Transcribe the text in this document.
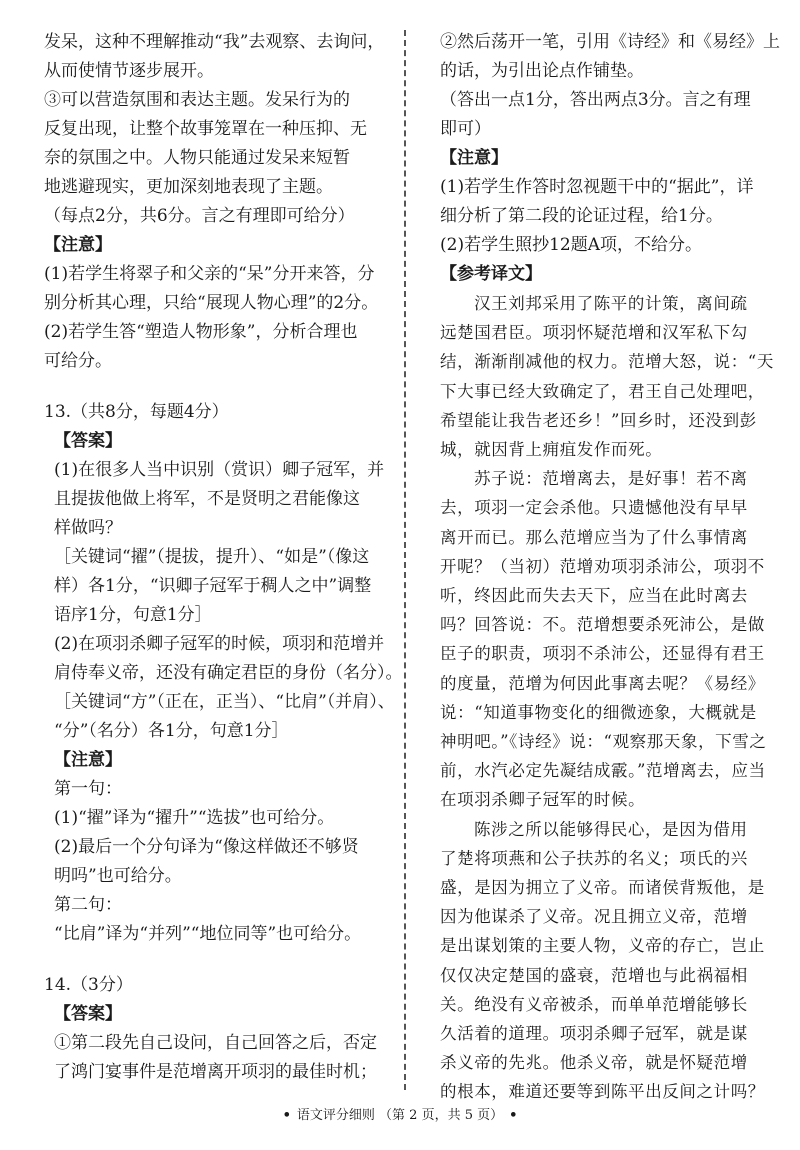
发呆，这种不理解推动“我”去观察、去询问，
从而使情节逐步展开。
③可以营造氛围和表达主题。发呆行为的
反复出现，让整个故事笼罩在一种压抑、无
奈的氛围之中。人物只能通过发呆来短暂
地逃避现实，更加深刻地表现了主题。
（每点2分，共6分。言之有理即可给分）
【注意】
(1)若学生将翠子和父亲的“呆”分开来答，分
别分析其心理，只给“展现人物心理”的2分。
(2)若学生答“塑造人物形象”，分析合理也
可给分。
13.（共8分，每题4分）
【答案】
(1)在很多人当中识别（赏识）卿子冠军，并
且提拔他做上将军，不是贤明之君能像这
样做吗？
［关键词“擢”（提拔，提升）、“如是”（像这
样）各1分，“识卿子冠军于稠人之中”调整
语序1分，句意1分］
(2)在项羽杀卿子冠军的时候，项羽和范增并
肩侍奉义帝，还没有确定君臣的身份（名分）。
［关键词“方”（正在，正当）、“比肩”（并肩）、
“分”（名分）各1分，句意1分］
【注意】
第一句：
(1)“擢”译为“擢升”“选拔”也可给分。
(2)最后一个分句译为“像这样做还不够贤
明吗”也可给分。
第二句：
“比肩”译为“并列”“地位同等”也可给分。
14.（3分）
【答案】
①第二段先自己设问，自己回答之后，否定
了鸿门宴事件是范增离开项羽的最佳时机；
②然后荡开一笔，引用《诗经》和《易经》上
的话，为引出论点作铺垫。
（答出一点1分，答出两点3分。言之有理
即可）
【注意】
(1)若学生作答时忽视题干中的“据此”，详
细分析了第二段的论证过程，给1分。
(2)若学生照抄12题A项，不给分。
【参考译文】
汉王刘邦采用了陈平的计策，离间疏
远楚国君臣。项羽怀疑范增和汉军私下勾
结，渐渐削减他的权力。范增大怒，说：“天
下大事已经大致确定了，君王自己处理吧，
希望能让我告老还乡！”回乡时，还没到彭
城，就因背上痈疽发作而死。
苏子说：范增离去，是好事！若不离
去，项羽一定会杀他。只遗憾他没有早早
离开而已。那么范增应当为了什么事情离
开呢？（当初）范增劝项羽杀沛公，项羽不
听，终因此而失去天下，应当在此时离去
吗？回答说：不。范增想要杀死沛公，是做
臣子的职责，项羽不杀沛公，还显得有君王
的度量，范增为何因此事离去呢？《易经》
说：“知道事物变化的细微迹象，大概就是
神明吧。”《诗经》说：“观察那天象，下雪之
前，水汽必定先凝结成霰。”范增离去，应当
在项羽杀卿子冠军的时候。
陈涉之所以能够得民心，是因为借用
了楚将项燕和公子扶苏的名义；项氏的兴
盛，是因为拥立了义帝。而诸侯背叛他，是
因为他谋杀了义帝。况且拥立义帝，范增
是出谋划策的主要人物，义帝的存亡，岂止
仅仅决定楚国的盛衰，范增也与此祸福相
关。绝没有义帝被杀，而单单范增能够长
久活着的道理。项羽杀卿子冠军，就是谋
杀义帝的先兆。他杀义帝，就是怀疑范增
的根本，难道还要等到陈平出反间之计吗？
• 语文评分细则 （第 2 页，共 5 页） •
